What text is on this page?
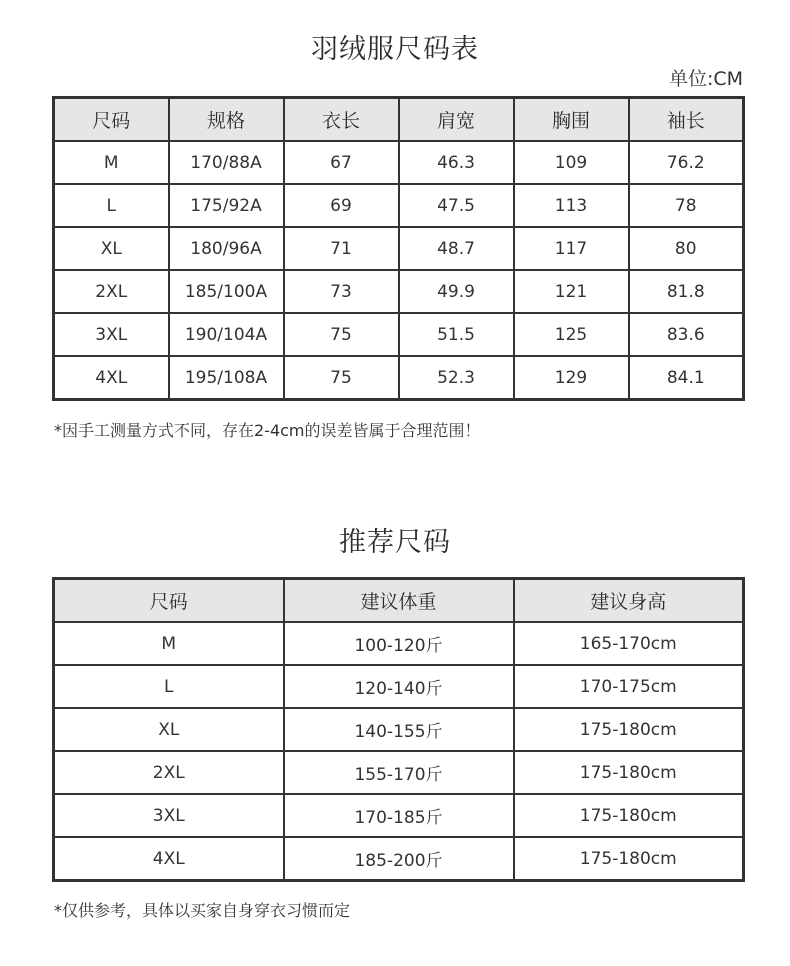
羽绒服尺码表
单位:CM
尺码	规格	衣长	肩宽	胸围	袖长
M	170/88A	67	46.3	109	76.2
L	175/92A	69	47.5	113	78
XL	180/96A	71	48.7	117	80
2XL	185/100A	73	49.9	121	81.8
3XL	190/104A	75	51.5	125	83.6
4XL	195/108A	75	52.3	129	84.1
*因手工测量方式不同，存在2-4cm的误差皆属于合理范围！
推荐尺码
尺码	建议体重	建议身高
M	100-120斤	165-170cm
L	120-140斤	170-175cm
XL	140-155斤	175-180cm
2XL	155-170斤	175-180cm
3XL	170-185斤	175-180cm
4XL	185-200斤	175-180cm
*仅供参考，具体以买家自身穿衣习惯而定
